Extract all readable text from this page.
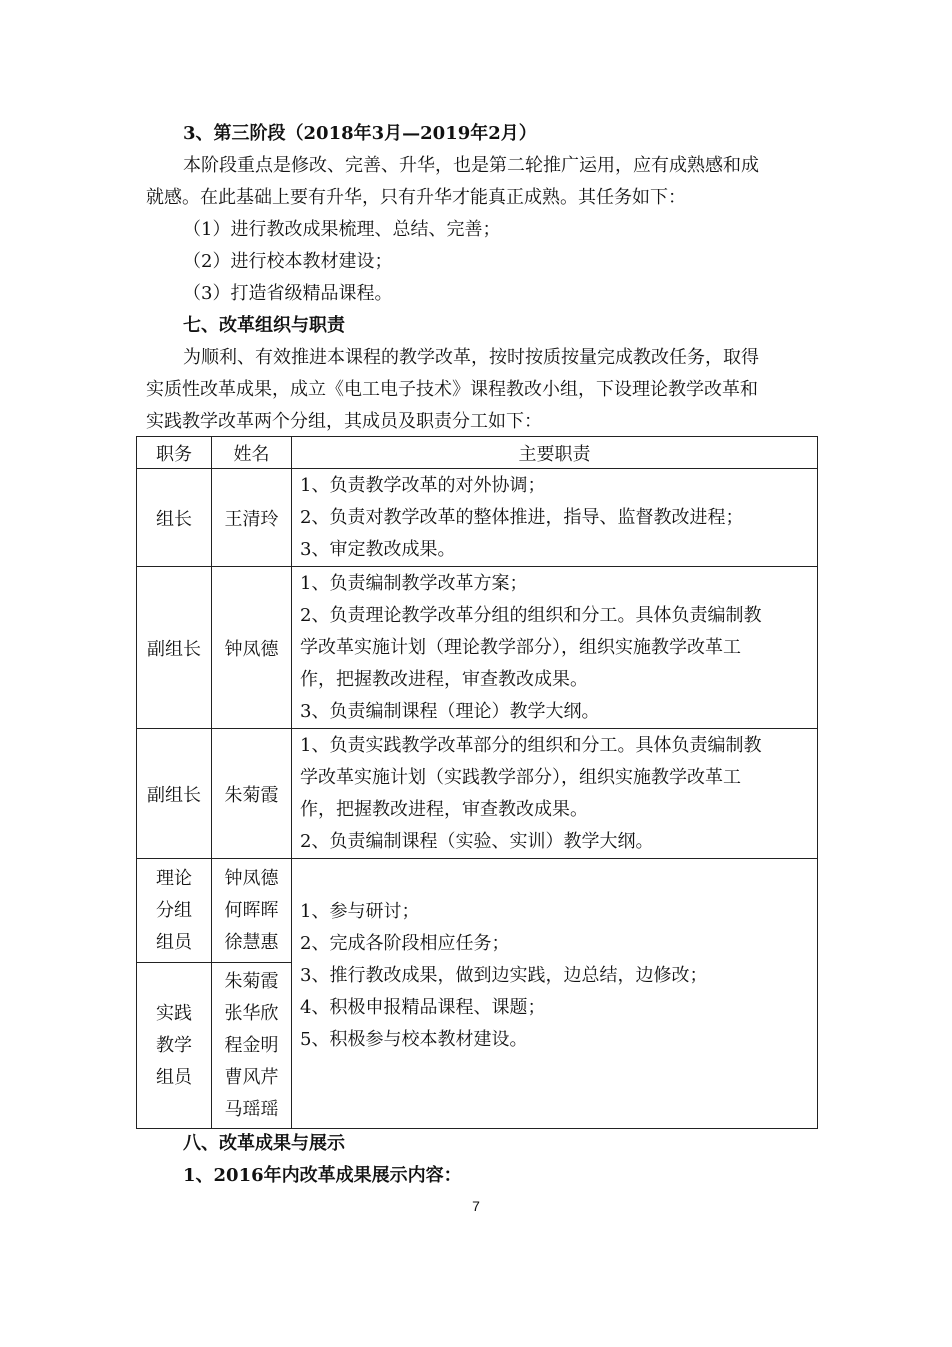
3、第三阶段（2018年3月—2019年2月）
本阶段重点是修改、完善、升华，也是第二轮推广运用，应有成熟感和成
就感。在此基础上要有升华，只有升华才能真正成熟。其任务如下：
（1）进行教改成果梳理、总结、完善；
（2）进行校本教材建设；
（3）打造省级精品课程。
七、改革组织与职责
为顺利、有效推进本课程的教学改革，按时按质按量完成教改任务，取得
实质性改革成果，成立《电工电子技术》课程教改小组，下设理论教学改革和
实践教学改革两个分组，其成员及职责分工如下：
职务	姓名	主要职责
组长	王清玲	1、负责教学改革的对外协调；
2、负责对教学改革的整体推进，指导、监督教改进程；
3、审定教改成果。

副组长	钟凤德	1、负责编制教学改革方案；
2、负责理论教学改革分组的组织和分工。具体负责编制教
学改革实施计划（理论教学部分），组织实施教学改革工
作，把握教改进程，审查教改成果。
3、负责编制课程（理论）教学大纲。

副组长	朱菊霞	1、负责实践教学改革部分的组织和分工。具体负责编制教
学改革实施计划（实践教学部分），组织实施教学改革工
作，把握教改进程，审查教改成果。
2、负责编制课程（实验、实训）教学大纲。

理论
分组
组员	钟凤德
何晖晖
徐慧惠	1、参与研讨；
2、完成各阶段相应任务；
3、推行教改成果，做到边实践，边总结，边修改；
4、积极申报精品课程、课题；
5、积极参与校本教材建设。

实践
教学
组员	朱菊霞
张华欣
程金明
曹风芹
马瑶瑶	
八、改革成果与展示
1、2016年内改革成果展示内容：
7
